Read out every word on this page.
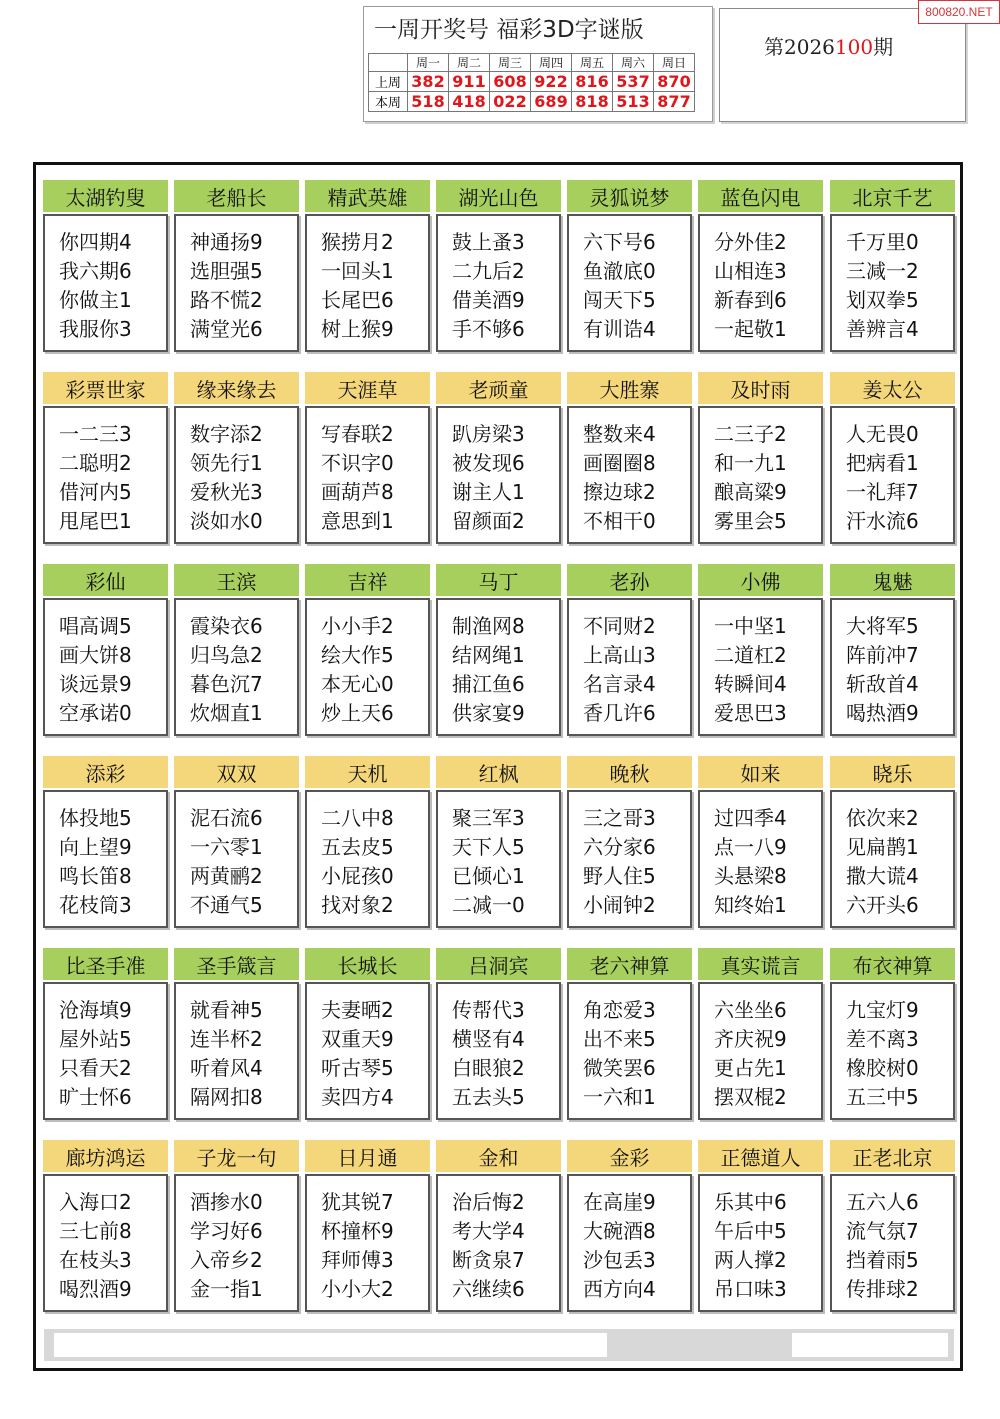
一周开奖号 福彩3D字谜版
	周一	周二	周三	周四	周五	周六	周日
上周	382	911	608	922	816	537	870
本周	518	418	022	689	818	513	877
第2026100期
800820.NET
太湖钓叟
你四期4
我六期6
你做主1
我服你3
老船长
神通扬9
选胆强5
路不慌2
满堂光6
精武英雄
猴捞月2
一回头1
长尾巴6
树上猴9
湖光山色
鼓上蚤3
二九后2
借美酒9
手不够6
灵狐说梦
六下号6
鱼澈底0
闯天下5
有训诰4
蓝色闪电
分外佳2
山相连3
新春到6
一起敬1
北京千艺
千万里0
三减一2
划双拳5
善辨言4
彩票世家
一二三3
二聪明2
借河内5
甩尾巴1
缘来缘去
数字添2
领先行1
爱秋光3
淡如水0
天涯草
写春联2
不识字0
画葫芦8
意思到1
老顽童
趴房梁3
被发现6
谢主人1
留颜面2
大胜寨
整数来4
画圈圈8
擦边球2
不相干0
及时雨
二三子2
和一九1
酿高粱9
雾里会5
姜太公
人无畏0
把病看1
一礼拜7
汗水流6
彩仙
唱高调5
画大饼8
谈远景9
空承诺0
王滨
霞染衣6
归鸟急2
暮色沉7
炊烟直1
吉祥
小小手2
绘大作5
本无心0
炒上天6
马丁
制渔网8
结网绳1
捕江鱼6
供家宴9
老孙
不同财2
上高山3
名言录4
香几许6
小佛
一中坚1
二道杠2
转瞬间4
爱思巴3
鬼魅
大将军5
阵前冲7
斩敌首4
喝热酒9
添彩
体投地5
向上望9
鸣长笛8
花枝筒3
双双
泥石流6
一六零1
两黄鹂2
不通气5
天机
二八中8
五去皮5
小屁孩0
找对象2
红枫
聚三军3
天下人5
已倾心1
二减一0
晚秋
三之哥3
六分家6
野人住5
小闹钟2
如来
过四季4
点一八9
头悬梁8
知终始1
晓乐
依次来2
见扁鹊1
撒大谎4
六开头6
比圣手准
沧海填9
屋外站5
只看天2
旷士怀6
圣手箴言
就看神5
连半杯2
听着风4
隔网扣8
长城长
夫妻晒2
双重天9
听古琴5
卖四方4
吕洞宾
传帮代3
横竖有4
白眼狼2
五去头5
老六神算
角恋爱3
出不来5
微笑罢6
一六和1
真实谎言
六坐坐6
齐庆祝9
更占先1
摆双棍2
布衣神算
九宝灯9
差不离3
橡胶树0
五三中5
廊坊鸿运
入海口2
三七前8
在枝头3
喝烈酒9
子龙一句
酒掺水0
学习好6
入帝乡2
金一指1
日月通
犹其锐7
杯撞杯9
拜师傅3
小小大2
金和
治后悔2
考大学4
断贪泉7
六继续6
金彩
在高崖9
大碗酒8
沙包丢3
西方向4
正德道人
乐其中6
午后中5
两人撑2
吊口味3
正老北京
五六人6
流气氛7
挡着雨5
传排球2
